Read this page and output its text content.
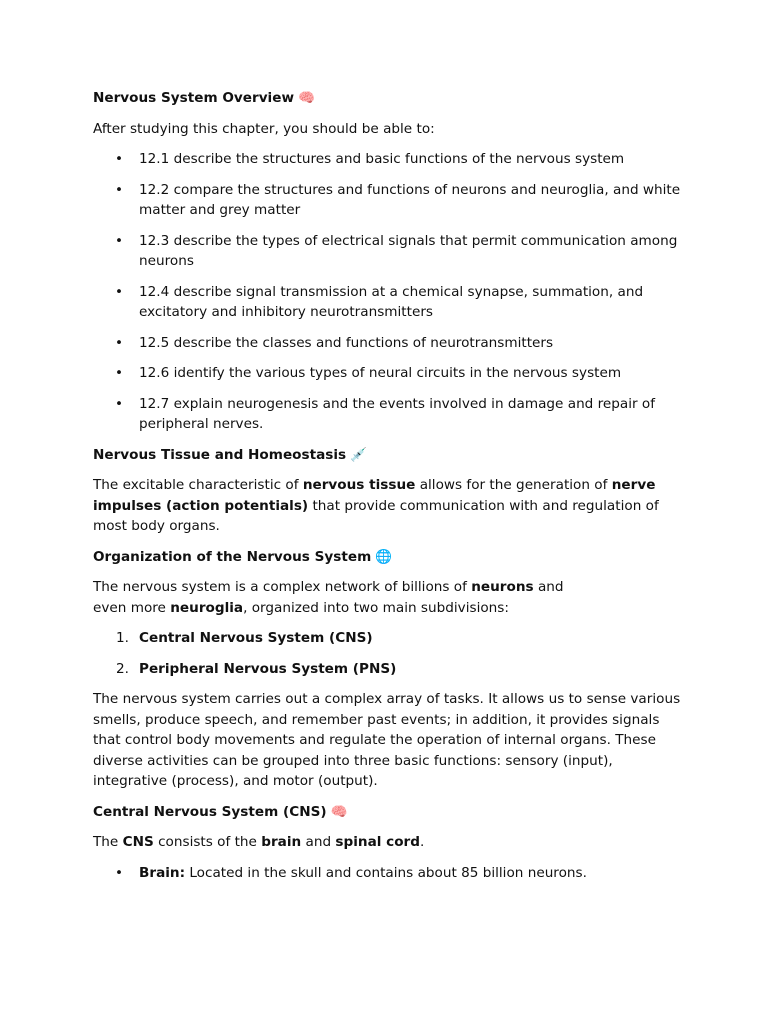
Nervous System Overview 🧠

After studying this chapter, you should be able to:

• 12.1 describe the structures and basic functions of the nervous system
• 12.2 compare the structures and functions of neurons and neuroglia, and white matter and grey matter
• 12.3 describe the types of electrical signals that permit communication among neurons
• 12.4 describe signal transmission at a chemical synapse, summation, and excitatory and inhibitory neurotransmitters
• 12.5 describe the classes and functions of neurotransmitters
• 12.6 identify the various types of neural circuits in the nervous system
• 12.7 explain neurogenesis and the events involved in damage and repair of peripheral nerves.
Nervous Tissue and Homeostasis 💉

The excitable characteristic of nervous tissue allows for the generation of nerve impulses (action potentials) that provide communication with and regulation of most body organs.

Organization of the Nervous System 🌐

The nervous system is a complex network of billions of neurons and even more neuroglia, organized into two main subdivisions:

1. Central Nervous System (CNS)
2. Peripheral Nervous System (PNS)

The nervous system carries out a complex array of tasks. It allows us to sense various smells, produce speech, and remember past events; in addition, it provides signals that control body movements and regulate the operation of internal organs. These diverse activities can be grouped into three basic functions: sensory (input), integrative (process), and motor (output).

Central Nervous System (CNS) 🧠

The CNS consists of the brain and spinal cord.

• Brain: Located in the skull and contains about 85 billion neurons.
